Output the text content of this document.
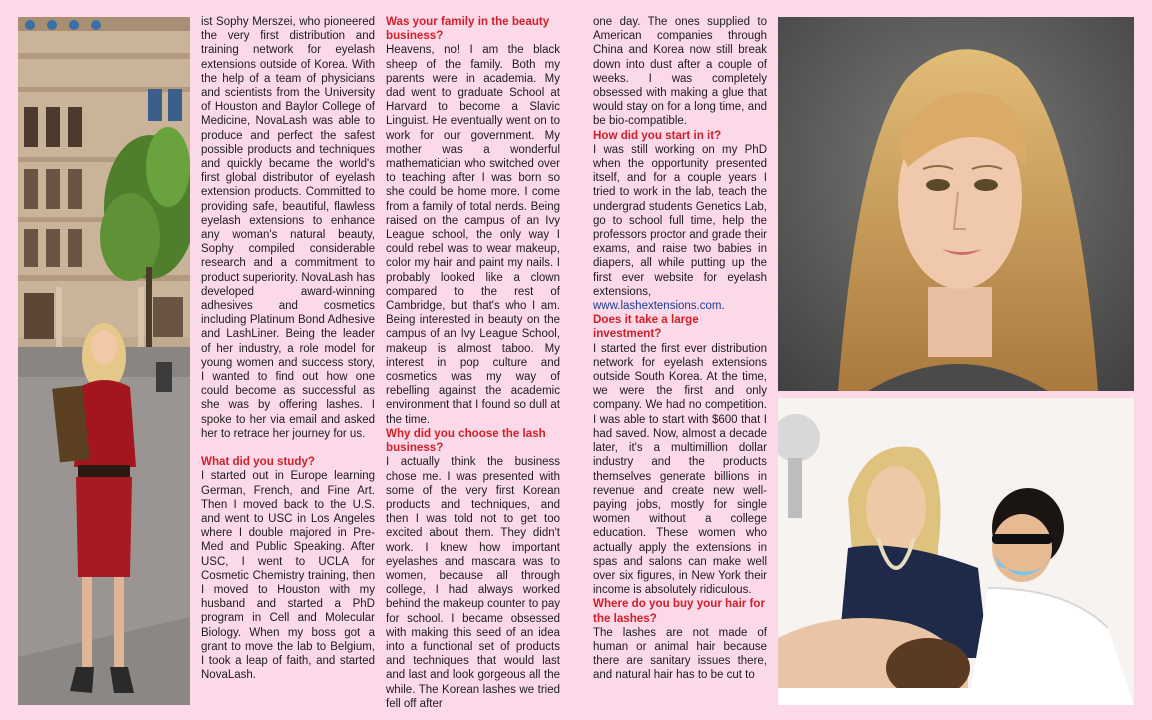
ist Sophy Merszei, who pioneered the very first distribution and training network for eyelash extensions outside of Korea. With the help of a team of physicians and scientists from the University of Houston and Baylor College of Medicine, NovaLash was able to produce and perfect the safest possible products and techniques and quickly became the world's first global distributor of eyelash extension products. Committed to providing safe, beautiful, flawless eyelash extensions to enhance any woman's natural beauty, Sophy compiled considerable research and a commitment to product superiority. NovaLash has developed award-winning adhesives and cosmetics including Platinum Bond Adhesive and LashLiner. Being the leader of her industry, a role model for young women and success story, I wanted to find out how one could become as successful as she was by offering lashes. I spoke to her via email and asked her to retrace her journey for us.

What did you study?

I started out in Europe learning German, French, and Fine Art. Then I moved back to the U.S. and went to USC in Los Angeles where I double majored in Pre-Med and Public Speaking. After USC, I went to UCLA for Cosmetic Chemistry training, then I moved to Houston with my husband and started a PhD program in Cell and Molecular Biology. When my boss got a grant to move the lab to Belgium, I took a leap of faith, and started NovaLash.

Was your family in the beauty business?

Heavens, no! I am the black sheep of the family. Both my parents were in academia. My dad went to graduate School at Harvard to become a Slavic Linguist. He eventually went on to work for our government. My mother was a wonderful mathematician who switched over to teaching after I was born so she could be home more. I come from a family of total nerds. Being raised on the campus of an Ivy League school, the only way I could rebel was to wear makeup, color my hair and paint my nails. I probably looked like a clown compared to the rest of Cambridge, but that's who I am. Being interested in beauty on the campus of an Ivy League School, makeup is almost taboo. My interest in pop culture and cosmetics was my way of rebelling against the academic environment that I found so dull at the time.

Why did you choose the lash business?

I actually think the business chose me. I was presented with some of the very first Korean products and techniques, and then I was told not to get too excited about them. They didn't work. I knew how important eyelashes and mascara was to women, because all through college, I had always worked behind the makeup counter to pay for school. I became obsessed with making this seed of an idea into a functional set of products and techniques that would last and last and look gorgeous all the while. The Korean lashes we tried fell off after

one day. The ones supplied to American companies through China and Korea now still break down into dust after a couple of weeks. I was completely obsessed with making a glue that would stay on for a long time, and be bio-compatible.

How did you start in it?

I was still working on my PhD when the opportunity presented itself, and for a couple years I tried to work in the lab, teach the undergrad students Genetics Lab, go to school full time, help the professors proctor and grade their exams, and raise two babies in diapers, all while putting up the first ever website for eyelash extensions, www.lashextensions.com.

Does it take a large investment?

I started the first ever distribution network for eyelash extensions outside South Korea. At the time, we were the first and only company. We had no competition. I was able to start with $600 that I had saved. Now, almost a decade later, it's a multimillion dollar industry and the products themselves generate billions in revenue and create new well-paying jobs, mostly for single women without a college education. These women who actually apply the extensions in spas and salons can make well over six figures, in New York their income is absolutely ridiculous.

Where do you buy your hair for the lashes?

The lashes are not made of human or animal hair because there are sanitary issues there, and natural hair has to be cut to
